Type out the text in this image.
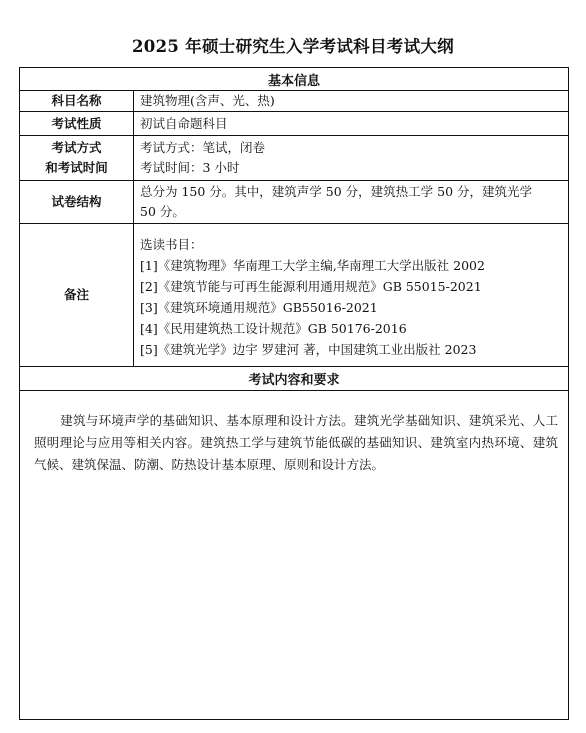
2025 年硕士研究生入学考试科目考试大纲
基本信息
科目名称	建筑物理(含声、光、热)
考试性质	初试自命题科目
考试方式
和考试时间
考试方式：笔试，闭卷
考试时间：3 小时
试卷结构
总分为 150 分。其中，建筑声学 50 分，建筑热工学 50 分，建筑光学
50 分。
备注
选读书目：
[1]《建筑物理》华南理工大学主编,华南理工大学出版社 2002
[2]《建筑节能与可再生能源利用通用规范》GB 55015-2021
[3]《建筑环境通用规范》GB55016-2021
[4]《民用建筑热工设计规范》GB 50176-2016
[5]《建筑光学》边宇 罗建河 著，中国建筑工业出版社 2023
考试内容和要求
建筑与环境声学的基础知识、基本原理和设计方法。建筑光学基础知识、建筑采光、人工照明理论与应用等相关内容。建筑热工学与建筑节能低碳的基础知识、建筑室内热环境、建筑气候、建筑保温、防潮、防热设计基本原理、原则和设计方法。
